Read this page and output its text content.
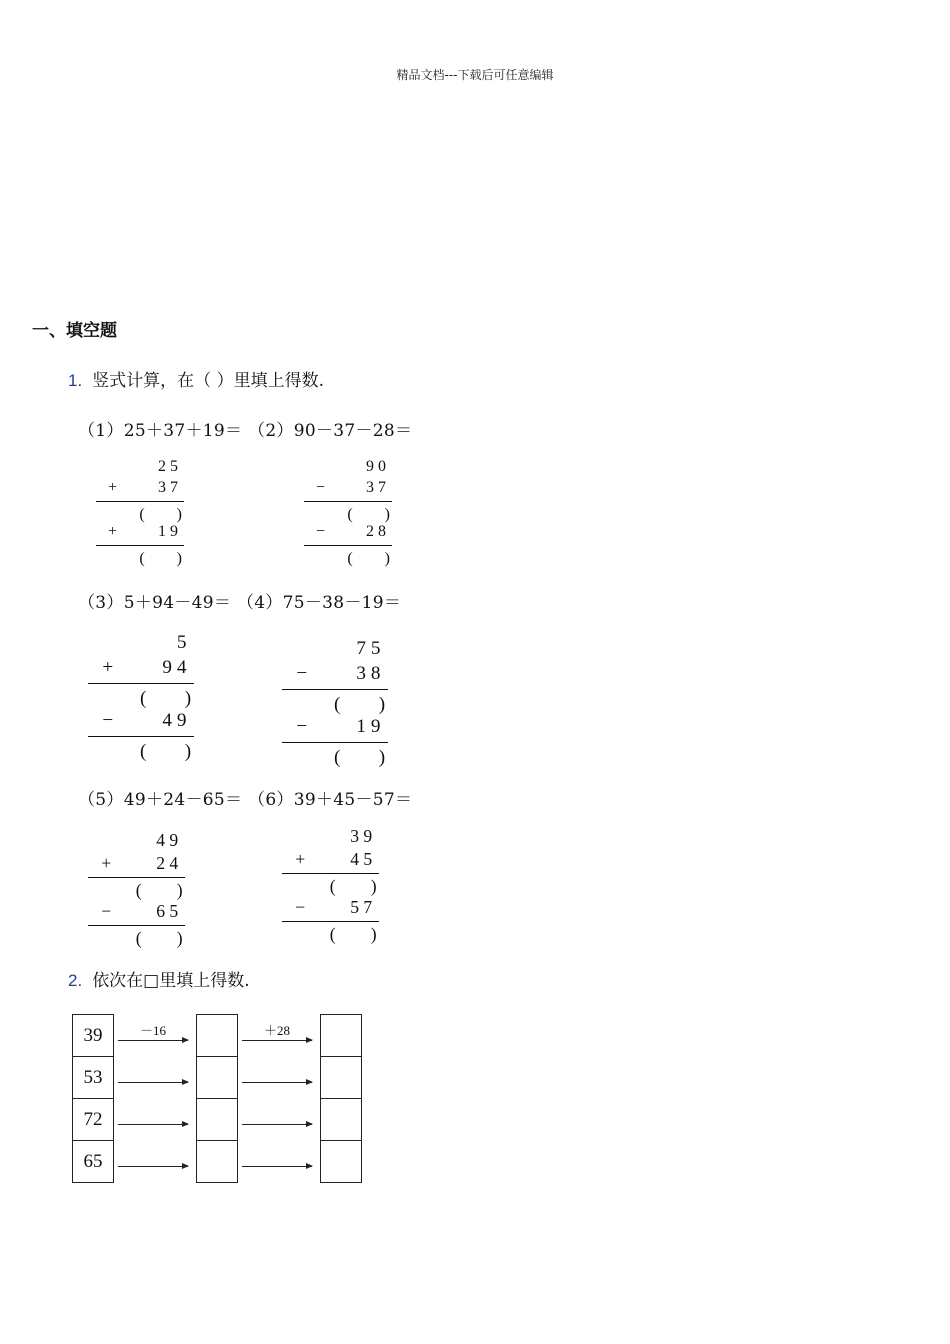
精品文档---下载后可任意编辑
一、填空题
1. 竖式计算，在（ ）里填上得数.
（1）25＋37＋19＝ （2）90－37－28＝
（3）5＋94－49＝ （4）75－38－19＝
（5）49＋24－65＝ （6）39＋45－57＝
2 5
+	3 7
(　　)
+	1 9
(　　)
9 0
−	3 7
(　　)
−	2 8
(　　)
5
+	9 4
(　　)
−	4 9
(　　)
7 5
−	3 8
(　　)
−	1 9
(　　)
4 9
+	2 4
(　　)
−	6 5
(　　)
3 9
+	4 5
(　　)
−	5 7
(　　)
2. 依次在□里填上得数.
39
53
72
65
－16	＋28
